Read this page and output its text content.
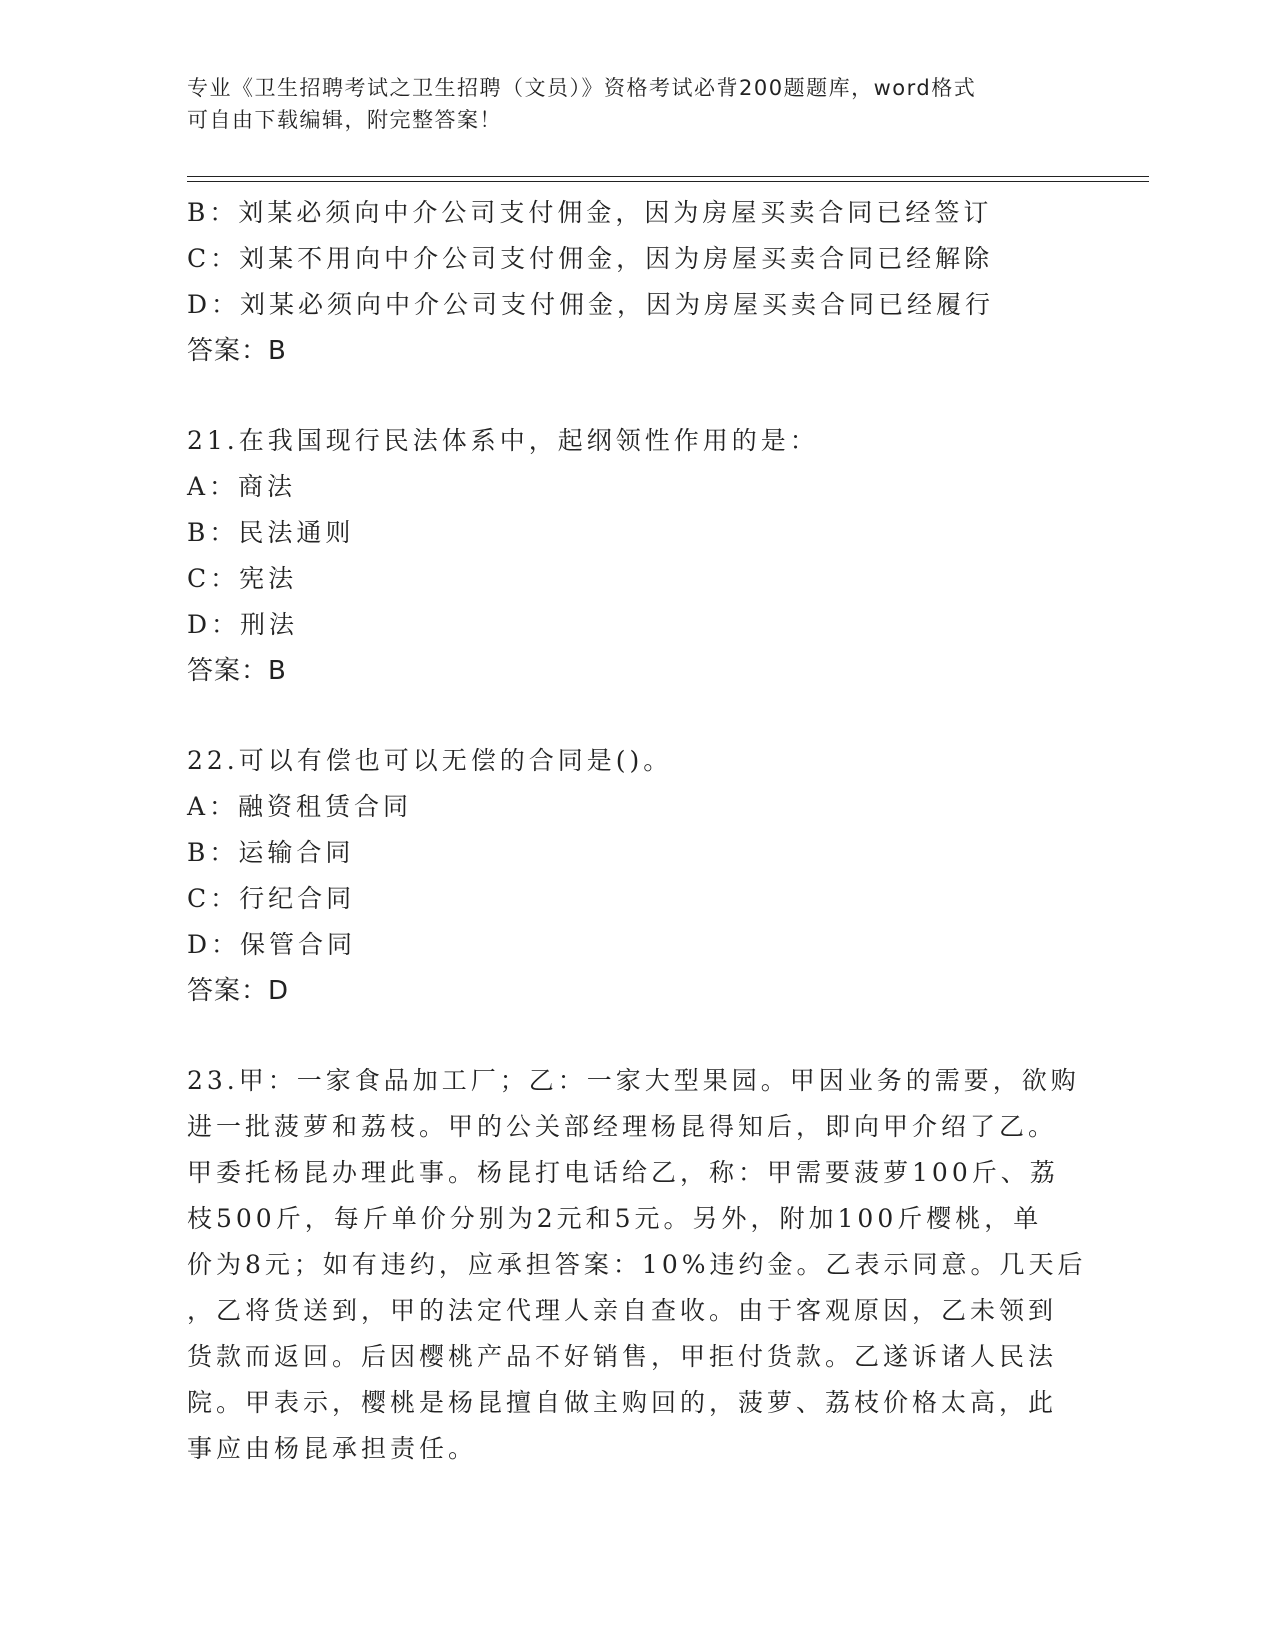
专业《卫生招聘考试之卫生招聘（文员）》资格考试必背200题题库，word格式
可自由下载编辑，附完整答案！
B：刘某必须向中介公司支付佣金，因为房屋买卖合同已经签订
C：刘某不用向中介公司支付佣金，因为房屋买卖合同已经解除
D：刘某必须向中介公司支付佣金，因为房屋买卖合同已经履行
答案：B
21.在我国现行民法体系中，起纲领性作用的是：
A：商法
B：民法通则
C：宪法
D：刑法
答案：B
22.可以有偿也可以无偿的合同是()。
A：融资租赁合同
B：运输合同
C：行纪合同
D：保管合同
答案：D
23.甲：一家食品加工厂；乙：一家大型果园。甲因业务的需要，欲购
进一批菠萝和荔枝。甲的公关部经理杨昆得知后，即向甲介绍了乙。
甲委托杨昆办理此事。杨昆打电话给乙，称：甲需要菠萝100斤、荔
枝500斤，每斤单价分别为2元和5元。另外，附加100斤樱桃，单
价为8元；如有违约，应承担答案：10%违约金。乙表示同意。几天后
，乙将货送到，甲的法定代理人亲自查收。由于客观原因，乙未领到
货款而返回。后因樱桃产品不好销售，甲拒付货款。乙遂诉诸人民法
院。甲表示，樱桃是杨昆擅自做主购回的，菠萝、荔枝价格太高，此
事应由杨昆承担责任。
